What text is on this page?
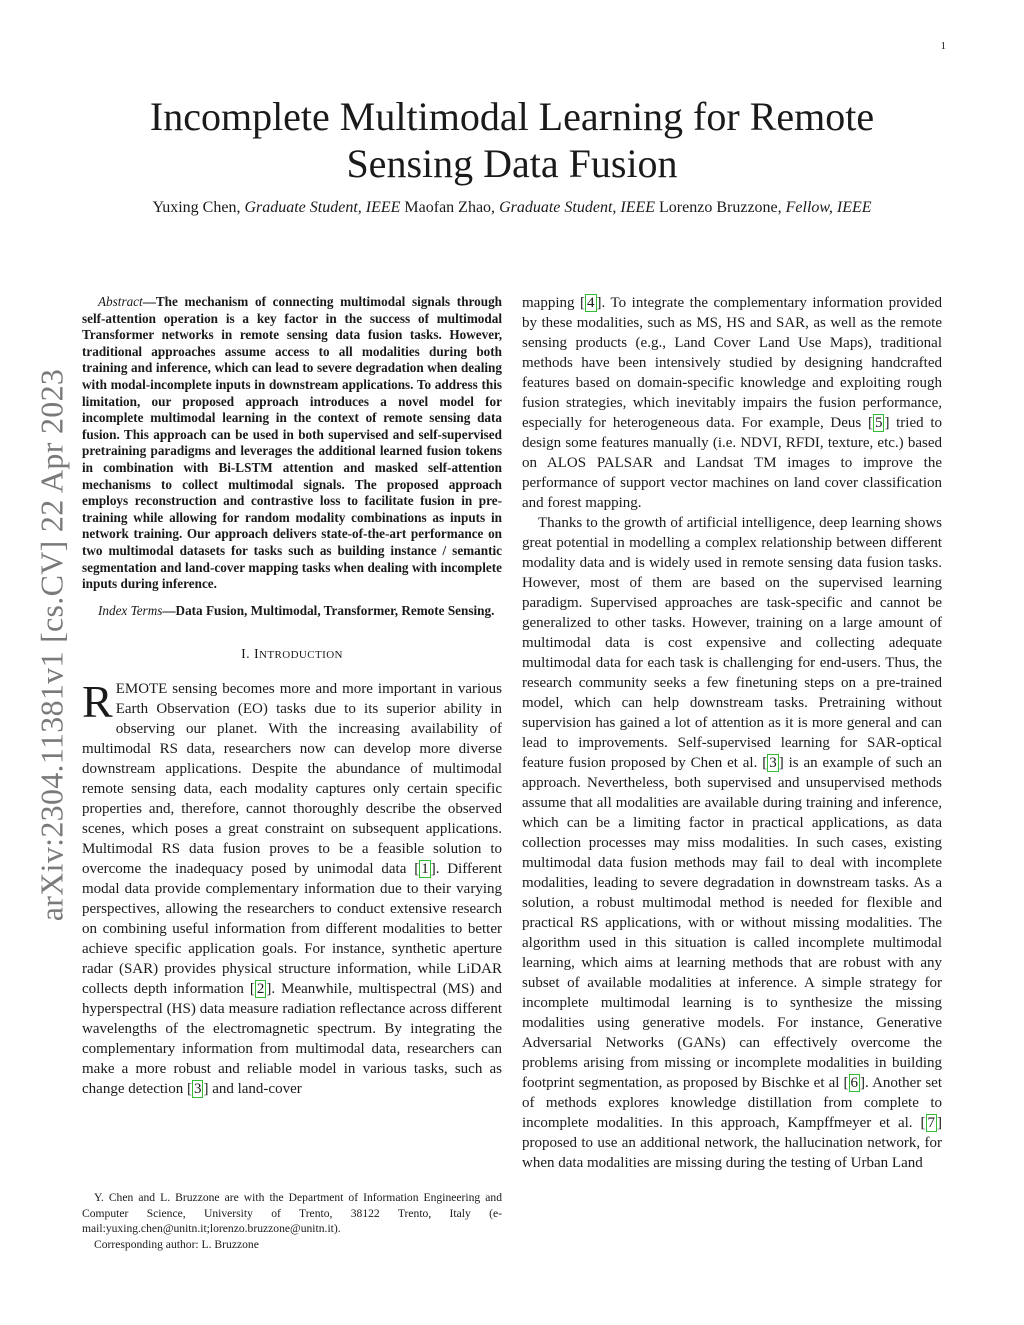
1
arXiv:2304.11381v1 [cs.CV] 22 Apr 2023
Incomplete Multimodal Learning for Remote
Sensing Data Fusion
Yuxing Chen, Graduate Student, IEEE Maofan Zhao, Graduate Student, IEEE Lorenzo Bruzzone, Fellow, IEEE

Abstract—The mechanism of connecting multimodal signals through self-attention operation is a key factor in the success of multimodal Transformer networks in remote sensing data fusion tasks. However, traditional approaches assume access to all modalities during both training and inference, which can lead to severe degradation when dealing with modal-incomplete inputs in downstream applications. To address this limitation, our proposed approach introduces a novel model for incomplete multimodal learning in the context of remote sensing data fusion. This approach can be used in both supervised and self-supervised pretraining paradigms and leverages the additional learned fusion tokens in combination with Bi-LSTM attention and masked self-attention mechanisms to collect multimodal signals. The proposed approach employs reconstruction and contrastive loss to facilitate fusion in pre-training while allowing for random modality combinations as inputs in network training. Our approach delivers state-of-the-art performance on two multimodal datasets for tasks such as building instance / semantic segmentation and land-cover mapping tasks when dealing with incomplete inputs during inference.

Index Terms—Data Fusion, Multimodal, Transformer, Remote Sensing.

I. INTRODUCTION

REMOTE sensing becomes more and more important in various Earth Observation (EO) tasks due to its superior ability in observing our planet. With the increasing availability of multimodal RS data, researchers now can develop more diverse downstream applications. Despite the abundance of multimodal remote sensing data, each modality captures only certain specific properties and, therefore, cannot thoroughly describe the observed scenes, which poses a great constraint on subsequent applications. Multimodal RS data fusion proves to be a feasible solution to overcome the inadequacy posed by unimodal data [ 1 ]. Different modal data provide complementary information due to their varying perspectives, allowing the researchers to conduct extensive research on combining useful information from different modalities to better achieve specific application goals. For instance, synthetic aperture radar (SAR) provides physical structure information, while LiDAR collects depth information [ 2 ]. Meanwhile, multispectral (MS) and hyperspectral (HS) data measure radiation reflectance across different wavelengths of the electromagnetic spectrum. By integrating the complementary information from multimodal data, researchers can make a more robust and reliable model in various tasks, such as change detection [ 3 ] and land-cover

Y. Chen and L. Bruzzone are with the Department of Information Engineering and Computer Science, University of Trento, 38122 Trento, Italy (e-mail:yuxing.chen@unitn.it;lorenzo.bruzzone@unitn.it).

Corresponding author: L. Bruzzone

mapping [ 4 ]. To integrate the complementary information provided by these modalities, such as MS, HS and SAR, as well as the remote sensing products (e.g., Land Cover Land Use Maps), traditional methods have been intensively studied by designing handcrafted features based on domain-specific knowledge and exploiting rough fusion strategies, which inevitably impairs the fusion performance, especially for heterogeneous data. For example, Deus [ 5 ] tried to design some features manually (i.e. NDVI, RFDI, texture, etc.) based on ALOS PALSAR and Landsat TM images to improve the performance of support vector machines on land cover classification and forest mapping.

Thanks to the growth of artificial intelligence, deep learning shows great potential in modelling a complex relationship between different modality data and is widely used in remote sensing data fusion tasks. However, most of them are based on the supervised learning paradigm. Supervised approaches are task-specific and cannot be generalized to other tasks. However, training on a large amount of multimodal data is cost expensive and collecting adequate multimodal data for each task is challenging for end-users. Thus, the research community seeks a few finetuning steps on a pre-trained model, which can help downstream tasks. Pretraining without supervision has gained a lot of attention as it is more general and can lead to improvements. Self-supervised learning for SAR-optical feature fusion proposed by Chen et al. [ 3 ] is an example of such an approach. Nevertheless, both supervised and unsupervised methods assume that all modalities are available during training and inference, which can be a limiting factor in practical applications, as data collection processes may miss modalities. In such cases, existing multimodal data fusion methods may fail to deal with incomplete modalities, leading to severe degradation in downstream tasks. As a solution, a robust multimodal method is needed for flexible and practical RS applications, with or without missing modalities. The algorithm used in this situation is called incomplete multimodal learning, which aims at learning methods that are robust with any subset of available modalities at inference. A simple strategy for incomplete multimodal learning is to synthesize the missing modalities using generative models. For instance, Generative Adversarial Networks (GANs) can effectively overcome the problems arising from missing or incomplete modalities in building footprint segmentation, as proposed by Bischke et al [ 6 ]. Another set of methods explores knowledge distillation from complete to incomplete modalities. In this approach, Kampffmeyer et al. [ 7 ] proposed to use an additional network, the hallucination network, for when data modalities are missing during the testing of Urban Land
